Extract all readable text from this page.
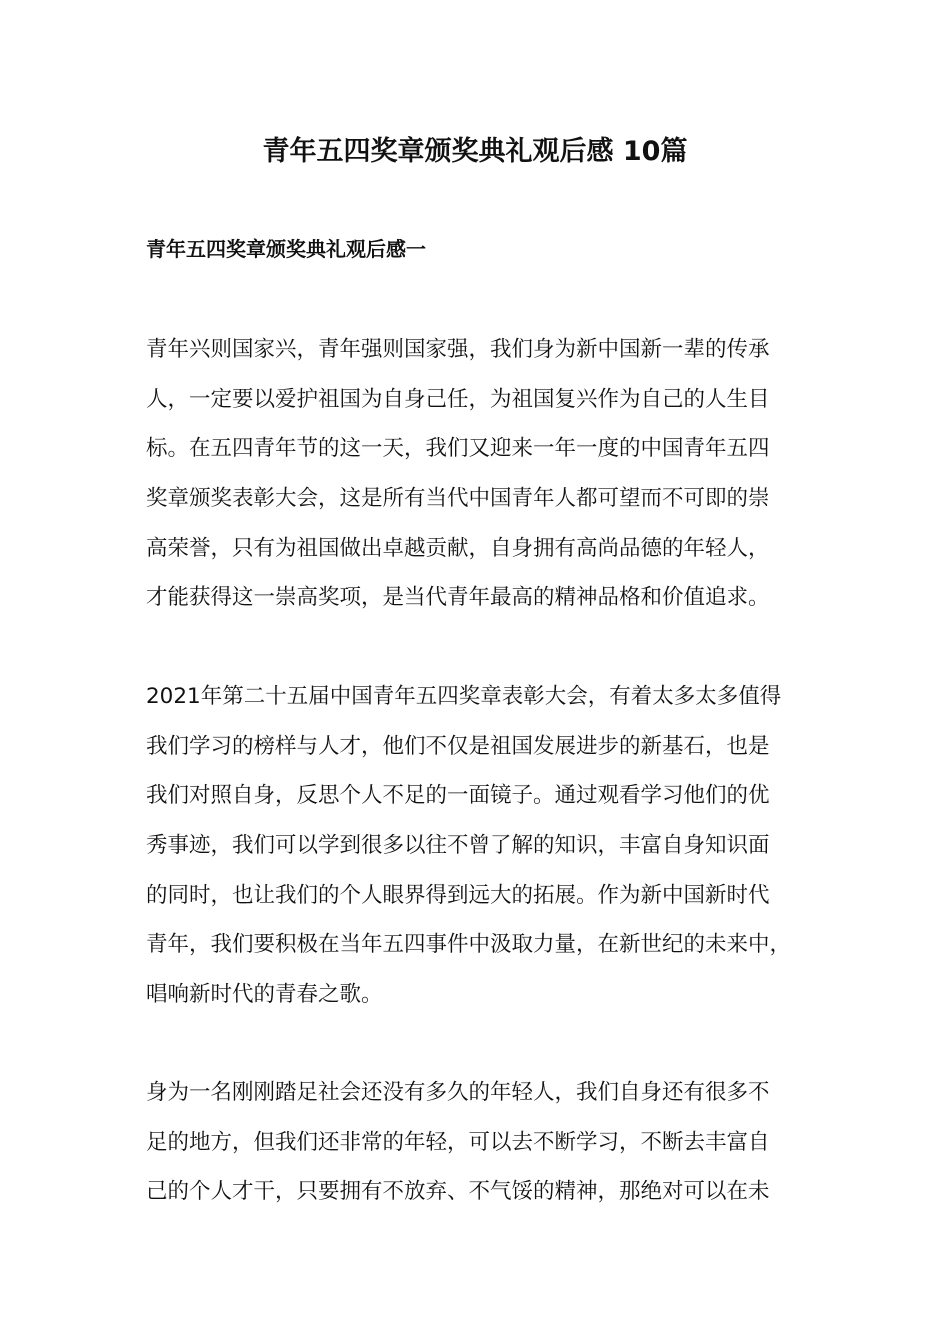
青年五四奖章颁奖典礼观后感 10篇
青年五四奖章颁奖典礼观后感一
青年兴则国家兴，青年强则国家强，我们身为新中国新一辈的传承
人，一定要以爱护祖国为自身己任，为祖国复兴作为自己的人生目
标。在五四青年节的这一天，我们又迎来一年一度的中国青年五四
奖章颁奖表彰大会，这是所有当代中国青年人都可望而不可即的崇
高荣誉，只有为祖国做出卓越贡献，自身拥有高尚品德的年轻人，
才能获得这一崇高奖项，是当代青年最高的精神品格和价值追求。
2021年第二十五届中国青年五四奖章表彰大会，有着太多太多值得
我们学习的榜样与人才，他们不仅是祖国发展进步的新基石，也是
我们对照自身，反思个人不足的一面镜子。通过观看学习他们的优
秀事迹，我们可以学到很多以往不曾了解的知识，丰富自身知识面
的同时，也让我们的个人眼界得到远大的拓展。作为新中国新时代
青年，我们要积极在当年五四事件中汲取力量，在新世纪的未来中，
唱响新时代的青春之歌。
身为一名刚刚踏足社会还没有多久的年轻人，我们自身还有很多不
足的地方，但我们还非常的年轻，可以去不断学习，不断去丰富自
己的个人才干，只要拥有不放弃、不气馁的精神，那绝对可以在未
